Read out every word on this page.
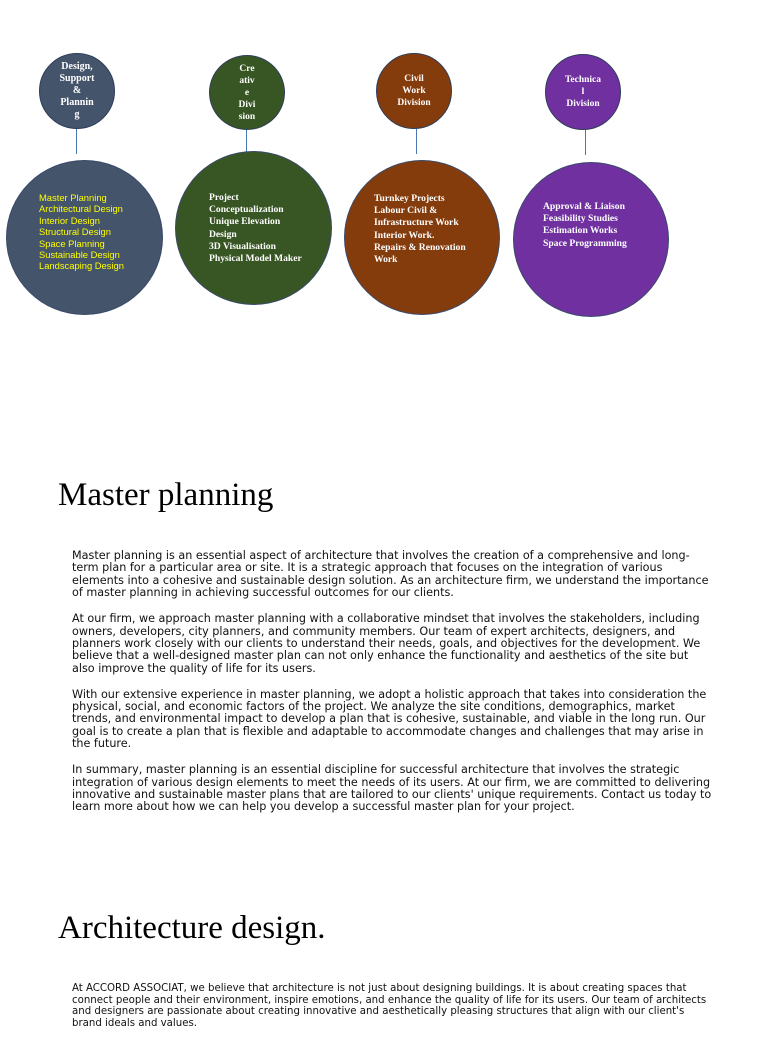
Design,
Support
&
Plannin
g
Master Planning
Architectural Design
Interior Design
Structural Design
Space Planning
Sustainable Design
Landscaping Design
Cre
ativ
e
Divi
sion
Project
Conceptualization
Unique Elevation
Design
3D Visualisation
Physical Model Maker
Civil
Work
Division
Turnkey Projects
Labour Civil &
Infrastructure Work
Interior Work.
Repairs & Renovation
Work
Technica
l
Division
Approval & Liaison
Feasibility Studies
Estimation Works
Space Programming
Master planning

Master planning is an essential aspect of architecture that involves the creation of a comprehensive and long-term plan for a particular area or site. It is a strategic approach that focuses on the integration of various elements into a cohesive and sustainable design solution. As an architecture firm, we understand the importance of master planning in achieving successful outcomes for our clients.

At our firm, we approach master planning with a collaborative mindset that involves the stakeholders, including owners, developers, city planners, and community members. Our team of expert architects, designers, and planners work closely with our clients to understand their needs, goals, and objectives for the development. We believe that a well-designed master plan can not only enhance the functionality and aesthetics of the site but also improve the quality of life for its users.

With our extensive experience in master planning, we adopt a holistic approach that takes into consideration the physical, social, and economic factors of the project. We analyze the site conditions, demographics, market trends, and environmental impact to develop a plan that is cohesive, sustainable, and viable in the long run. Our goal is to create a plan that is flexible and adaptable to accommodate changes and challenges that may arise in the future.

In summary, master planning is an essential discipline for successful architecture that involves the strategic integration of various design elements to meet the needs of its users. At our firm, we are committed to delivering innovative and sustainable master plans that are tailored to our clients' unique requirements. Contact us today to learn more about how we can help you develop a successful master plan for your project.

Architecture design.

At ACCORD ASSOCIAT, we believe that architecture is not just about designing buildings. It is about creating spaces that connect people and their environment, inspire emotions, and enhance the quality of life for its users. Our team of architects and designers are passionate about creating innovative and aesthetically pleasing structures that align with our client's brand ideals and values.
